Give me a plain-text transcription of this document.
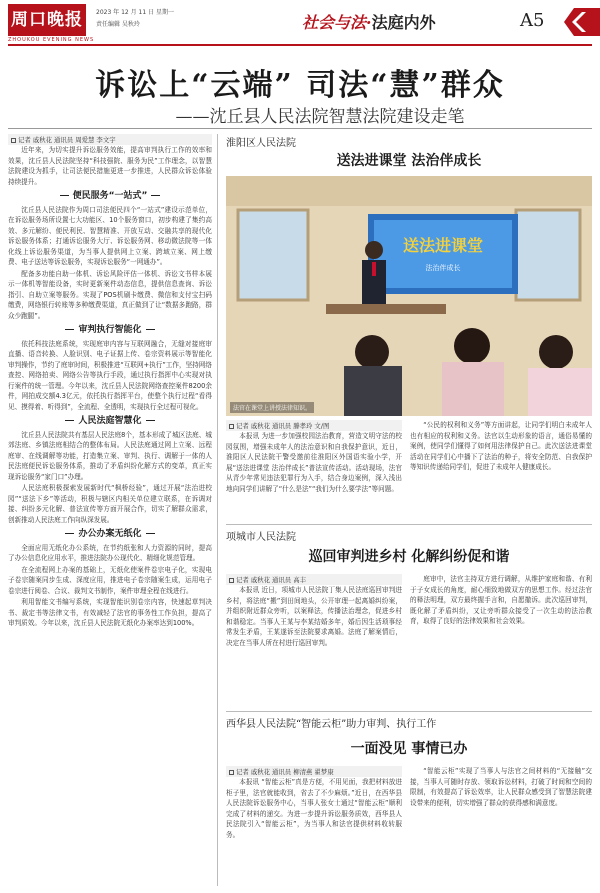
周口晚报
ZHOUKOU EVENING NEWS
2023 年 12 月 11 日 星期一
责任编辑 吴秋玲	社会与法·法庭内外	A5
诉讼上“云端” 司法“慧”群众
——沈丘县人民法院智慧法院建设走笔
记者 戚秋花 通讯员 周爱慧 李文宇

近年来，为切实提升诉讼服务效能，提高审判执行工作的效率和效果，沈丘县人民法院坚持“科技强院、服务为民”工作理念，以智慧法院建设为抓手，让司法便民措施更进一步推进，人民群众诉讼体验持续提升。

便民服务“一站式”

沈丘县人民法院作为周口司法便民四个“一站式”建设示范单位，在诉讼服务场所设置七大功能区、10个服务窗口，初步构建了集约高效、多元解纷、便民利民、智慧精准、开放互动、交融共享的现代化诉讼服务体系；打通诉讼服务大厅、诉讼服务网、移动微法院等一体化线上诉讼服务渠道，为当事人提供网上立案、跨域立案、网上缴费、电子送达等诉讼服务，实现诉讼服务“一网通办”。

配备多功能自助一体机、诉讼风险评估一体机、诉讼文书样本展示一体机等智能设备，实时更新案件动态信息，提供信息查询、诉讼指引、自助立案等服务。实现了POS机刷卡缴费、微信和支付宝扫码缴费，网络银行转账等多种缴费渠道，真正做到了让“数据多跑路，群众少跑腿”。

审判执行智能化

依托科技法庭系统，实现庭审内容与互联网融合，无缝对接庭审直播、语音转换、人脸识别、电子证据上传、卷宗资料展示等智能化审判操作，节约了庭审时间，积极推进“互联网+执行”工作，坚持网络查控、网络拍卖、网络公告等执行手段，通过执行指挥中心实现对执行案件的统一管理。今年以来，沈丘县人民法院网络查控案件8200余件，网拍成交额4.3亿元，依托执行指挥平台，使整个执行过程“看得见、摸得着、听得到”，全流程、全透明，实现执行全过程可视化。

人民法庭智慧化

沈丘县人民法院共有基层人民法庭8个，基本形成了城区法庭、城郊法庭、乡镇法庭相结合的整体布局。人民法庭通过网上立案、远程庭审、在线调解等功能，打造集立案、审判、执行、调解于一体的人民法庭便民诉讼服务体系，推动了矛盾纠纷化解方式的变革，真正实现诉讼服务“家门口”办理。

人民法庭积极探索发展新时代“枫桥经验”，通过开展“法治进校园”“送法下乡”等活动，积极与辖区内相关单位建立联系，在诉调对接、纠纷多元化解、普法宣传等方面开展合作，切实了解群众需求，创新推动人民法庭工作向纵深发展。

办公办案无纸化

全面应用无纸化办公系统，在节约纸张和人力资源的同时，提高了办公信息化应用水平，推进法院办公现代化、精细化规范管理。

在全流程网上办案的基础上，无纸化使案件卷宗电子化，实现电子卷宗随案同步生成、深度应用，推进电子卷宗随案生成，运用电子卷宗进行阅卷、合议、裁判文书制作，案件审理全程在线进行。

利用智能文书编写系统，实现智能识别卷宗内容，快速起草判决书、裁定书等法律文书，有效减轻了法官的事务性工作负担，提高了审判质效。今年以来，沈丘县人民法院无纸化办案率达到100%。

淮阳区人民法院
送法进课堂 法治伴成长
送法进课堂
法治伴成长
法官在课堂上讲授法律知识。
记者 戚秋花 通讯员 滕孝玲 文/图

本报讯 为进一步加强校园法治教育，营造文明守法的校园氛围，增强未成年人的法治意识和自我保护意识，近日，淮阳区人民法院干警受邀前往淮阳区外国语实验小学，开展“送法进课堂 法治伴成长”普法宣传活动。活动现场，法官从青少年常见违法犯罪行为入手，结合身边案例，深入浅出地向同学们讲解了“什么是法”“我们为什么要学法”等问题。

“公民的权利和义务”等方面讲起，让同学们明白未成年人也有相应的权利和义务。法官以生动形象的语言，通俗易懂的案例，使同学们懂得了如何用法律保护自己。此次送法进课堂活动在同学们心中播下了法治的种子，将安全防范、自我保护等知识传递给同学们，促进了未成年人健康成长。

项城市人民法院
巡回审判进乡村 化解纠纷促和谐
记者 戚秋花 通讯员 高丰

本报讯 近日，项城市人民法院丁集人民法庭巡回审判进乡村，将法庭“搬”到田间地头，公开审理一起离婚纠纷案，并组织附近群众旁听，以案释法，传播法治理念，促进乡村和谐稳定。当事人王某与李某结婚多年，婚后因生活琐事经常发生矛盾，王某遂诉至法院要求离婚。法庭了解案情后，决定在当事人所在村进行巡回审判。

庭审中，法官主持双方进行调解，从维护家庭和谐、有利于子女成长的角度，耐心细致地做双方的思想工作。经过法官的释法明理，双方最终握手言和，自愿撤诉。此次巡回审判，既化解了矛盾纠纷，又让旁听群众接受了一次生动的法治教育，取得了良好的法律效果和社会效果。

西华县人民法院“智能云柜”助力审判、执行工作
一面没见 事情已办
记者 戚秋花 通讯员 柳清燕 翟梦康

本报讯 “智能云柜”真是方便，不用见面，我把材料放进柜子里，法官就能收到，省去了不少麻烦。”近日，在西华县人民法院诉讼服务中心，当事人张女士通过“智能云柜”顺利完成了材料的递交。为进一步提升诉讼服务质效，西华县人民法院引入“智能云柜”，为当事人和法官提供材料收转服务。

“智能云柜”实现了当事人与法官之间材料的“无接触”交接，当事人可随时存放、领取诉讼材料，打破了时间和空间的限制，有效提高了诉讼效率，让人民群众感受到了智慧法院建设带来的便利，切实增强了群众的获得感和满意度。
